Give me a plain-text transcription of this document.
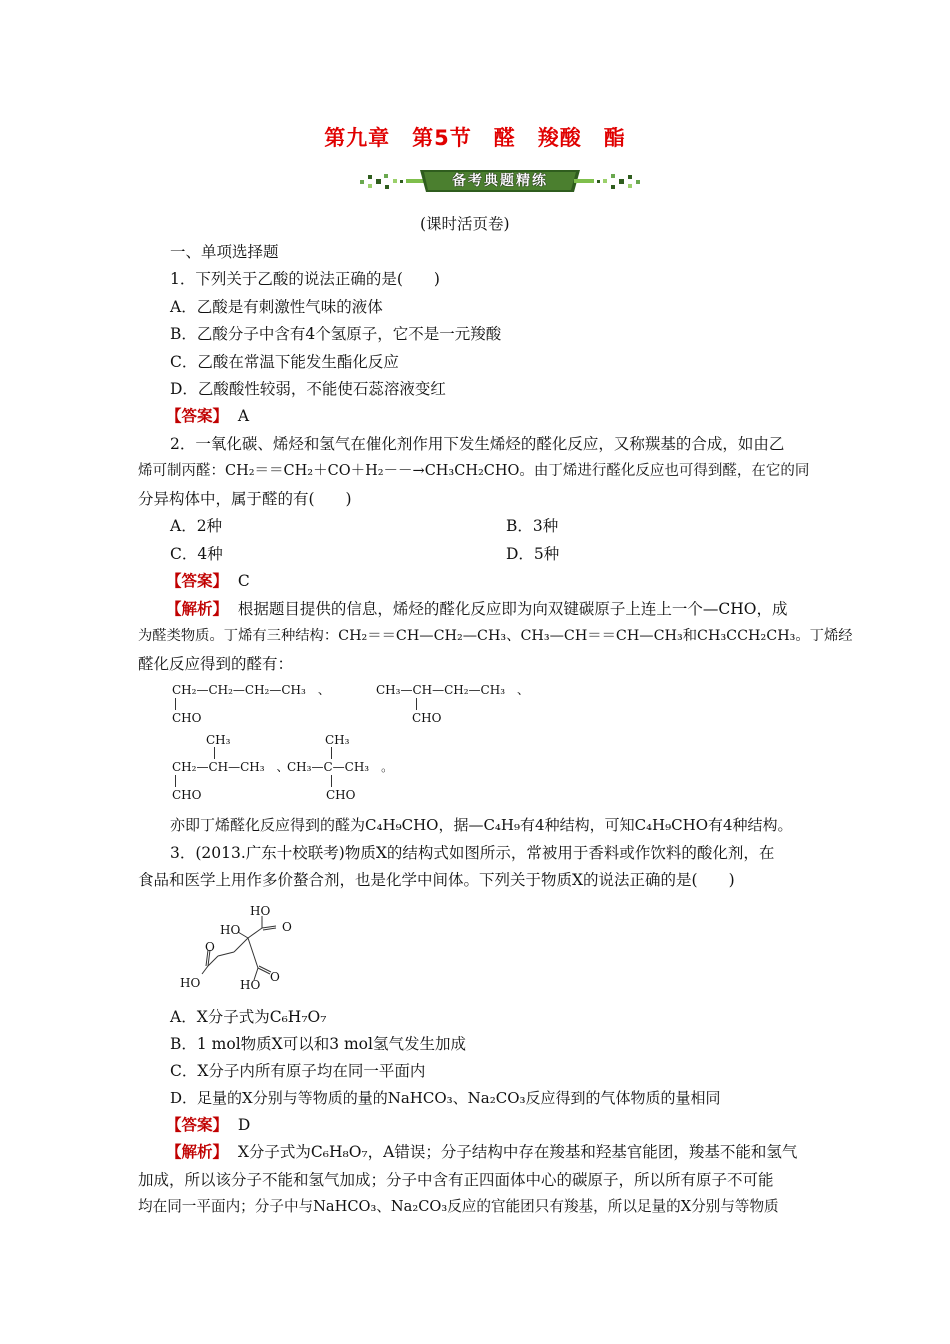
第九章　第5节　醛　羧酸　酯
备考典题精练
(课时活页卷)
一、单项选择题
1．下列关于乙酸的说法正确的是(　　)
A．乙酸是有刺激性气味的液体
B．乙酸分子中含有4个氢原子，它不是一元羧酸
C．乙酸在常温下能发生酯化反应
D．乙酸酸性较弱，不能使石蕊溶液变红
【答案】 A
2．一氧化碳、烯烃和氢气在催化剂作用下发生烯烃的醛化反应，又称羰基的合成，如由乙
烯可制丙醛：CH₂＝＝CH₂＋CO＋H₂－－→CH₃CH₂CHO。由丁烯进行醛化反应也可得到醛，在它的同
分异构体中，属于醛的有(　　)
A．2种	B．3种
C．4种	D．5种
【答案】 C
【解析】 根据题目提供的信息，烯烃的醛化反应即为向双键碳原子上连上一个—CHO，成
为醛类物质。丁烯有三种结构：CH₂＝＝CH—CH₂—CH₃、CH₃—CH＝＝CH—CH₃和CH₃CCH₂CH₃。丁烯经
醛化反应得到的醛有：
CH₂—CH₂—CH₂—CH₃　、
CHO
CH₃—CH—CH₂—CH₃　、
CHO
CH₃
CH₂—CH—CH₃　、
CHO
CH₃
CH₃—C—CH₃　。
CHO
亦即丁烯醛化反应得到的醛为C₄H₉CHO，据—C₄H₉有4种结构，可知C₄H₉CHO有4种结构。
3．(2013.广东十校联考)物质X的结构式如图所示，常被用于香料或作饮料的酸化剂，在
食品和医学上用作多价螯合剂，也是化学中间体。下列关于物质X的说法正确的是(　　)
HO
O
HO
O
HO	HO
O
A．X分子式为C₆H₇O₇
B．1 mol物质X可以和3 mol氢气发生加成
C．X分子内所有原子均在同一平面内
D．足量的X分别与等物质的量的NaHCO₃、Na₂CO₃反应得到的气体物质的量相同
【答案】 D
【解析】 X分子式为C₆H₈O₇，A错误；分子结构中存在羧基和羟基官能团，羧基不能和氢气
加成，所以该分子不能和氢气加成；分子中含有正四面体中心的碳原子，所以所有原子不可能
均在同一平面内；分子中与NaHCO₃、Na₂CO₃反应的官能团只有羧基，所以足量的X分别与等物质
